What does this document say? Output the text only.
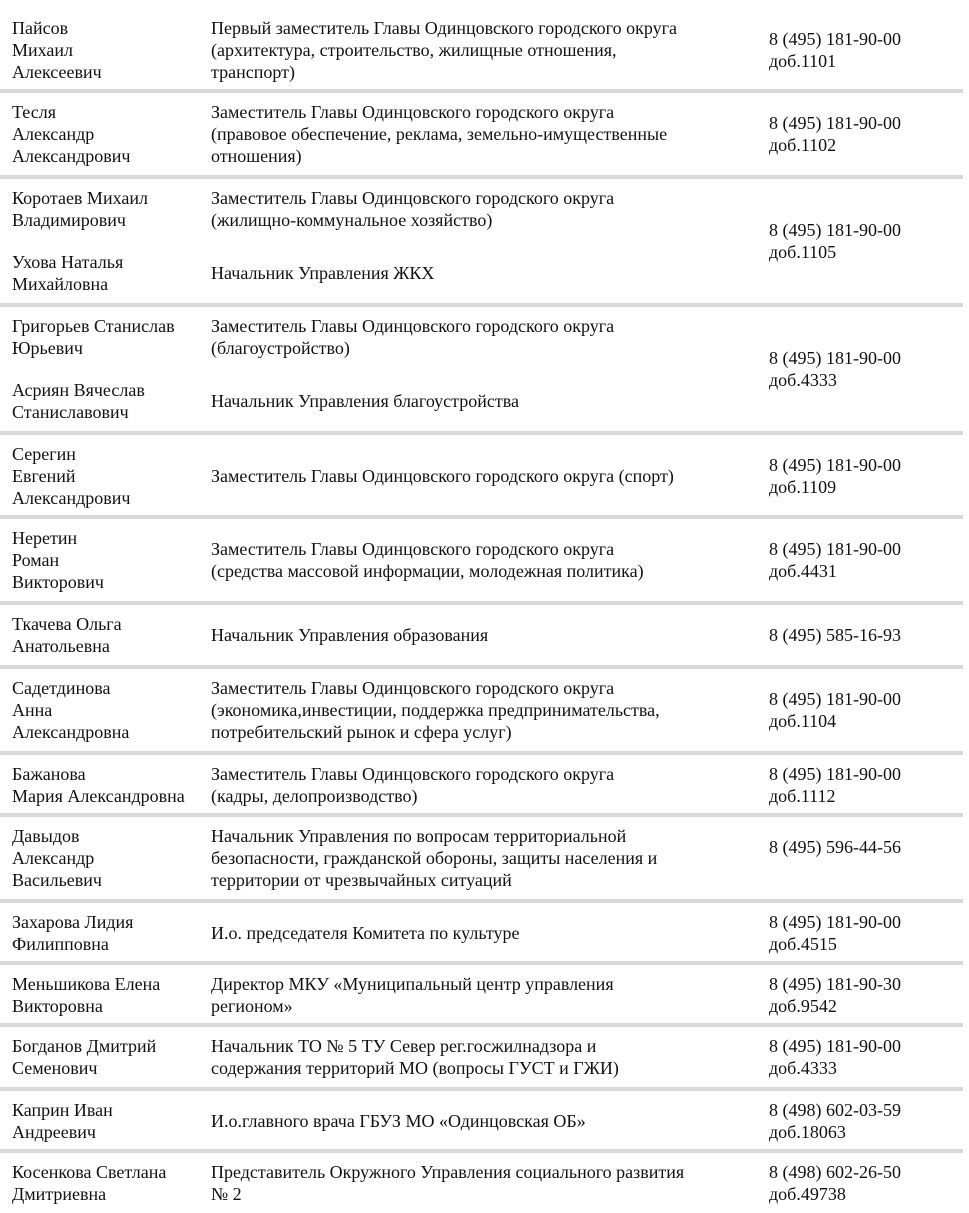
Пайсов
Михаил
Алексеевич
Первый заместитель Главы Одинцовского городского округа
(архитектура, строительство, жилищные отношения,
транспорт)
8 (495) 181-90-00
доб.1101
Тесля
Александр
Александрович
Заместитель Главы Одинцовского городского округа
(правовое обеспечение, реклама, земельно-имущественные
отношения)
8 (495) 181-90-00
доб.1102
Коротаев Михаил
Владимирович
Заместитель Главы Одинцовского городского округа
(жилищно-коммунальное хозяйство)
Ухова Наталья
Михайловна
Начальник Управления ЖКХ
8 (495) 181-90-00
доб.1105
Григорьев Станислав
Юрьевич
Заместитель Главы Одинцовского городского округа
(благоустройство)
Асриян Вячеслав
Станиславович
Начальник Управления благоустройства
8 (495) 181-90-00
доб.4333
Серегин
Евгений
Александрович
Заместитель Главы Одинцовского городского округа (спорт)
8 (495) 181-90-00
доб.1109
Неретин
Роман
Викторович
Заместитель Главы Одинцовского городского округа
(средства массовой информации, молодежная политика)
8 (495) 181-90-00
доб.4431
Ткачева Ольга
Анатольевна
Начальник Управления образования	8 (495) 585-16-93
Садетдинова
Анна
Александровна
Заместитель Главы Одинцовского городского округа
(экономика,инвестиции, поддержка предпринимательства,
потребительский рынок и сфера услуг)
8 (495) 181-90-00
доб.1104
Бажанова
Мария Александровна
Заместитель Главы Одинцовского городского округа
(кадры, делопроизводство)
8 (495) 181-90-00
доб.1112
Давыдов
Александр
Васильевич
Начальник Управления по вопросам территориальной
безопасности, гражданской обороны, защиты населения и
территории от чрезвычайных ситуаций
8 (495) 596-44-56
Захарова Лидия
Филипповна
И.о. председателя Комитета по культуре
8 (495) 181-90-00
доб.4515
Меньшикова Елена
Викторовна
Директор МКУ «Муниципальный центр управления
регионом»
8 (495) 181-90-30
доб.9542
Богданов Дмитрий
Семенович
Начальник ТО № 5 ТУ Север рег.госжилнадзора и
содержания территорий МО (вопросы ГУСТ и ГЖИ)
8 (495) 181-90-00
доб.4333
Каприн Иван
Андреевич
И.о.главного врача ГБУЗ МО «Одинцовская ОБ»
8 (498) 602-03-59
доб.18063
Косенкова Светлана
Дмитриевна
Представитель Окружного Управления социального развития
№ 2
8 (498) 602-26-50
доб.49738
